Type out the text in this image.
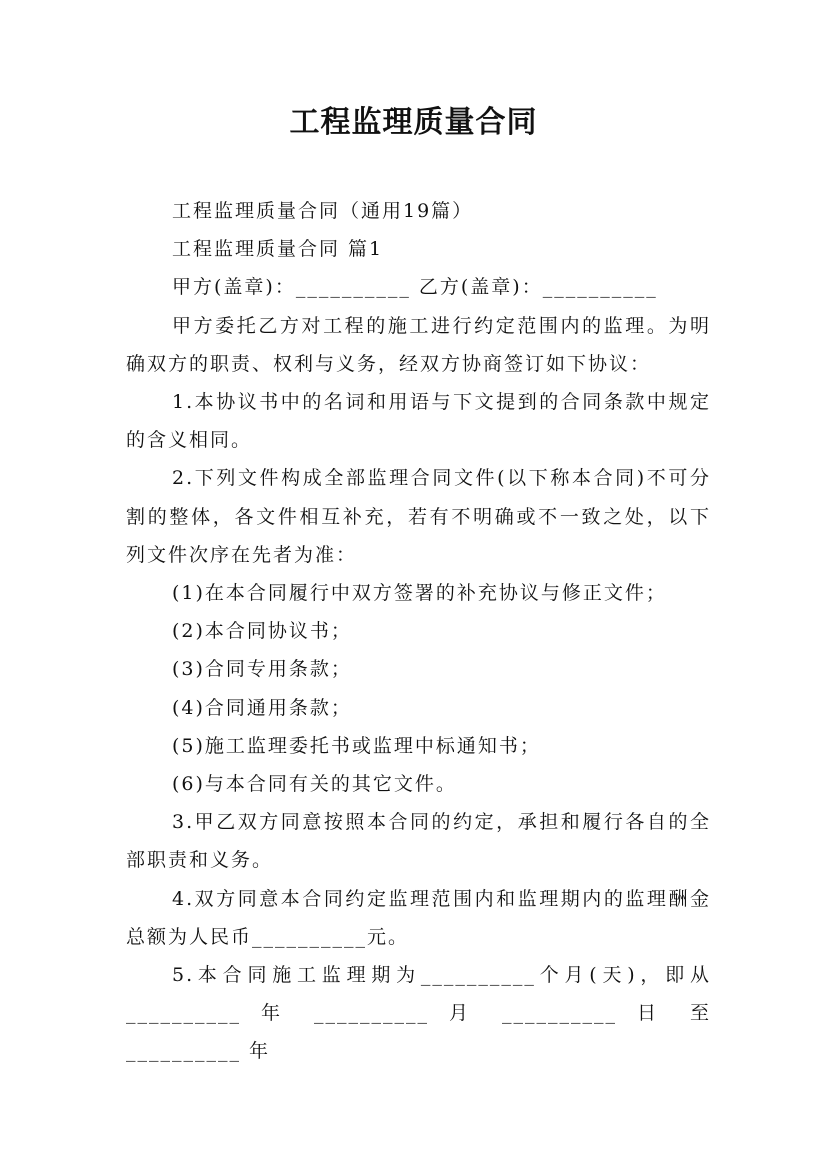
工程监理质量合同

工程监理质量合同（通用19篇）

工程监理质量合同 篇1

甲方(盖章)：__________ 乙方(盖章)：__________

甲方委托乙方对工程的施工进行约定范围内的监理。为明确双方的职责、权利与义务，经双方协商签订如下协议：

1.本协议书中的名词和用语与下文提到的合同条款中规定的含义相同。

2.下列文件构成全部监理合同文件(以下称本合同)不可分割的整体，各文件相互补充，若有不明确或不一致之处，以下列文件次序在先者为准：

(1)在本合同履行中双方签署的补充协议与修正文件；

(2)本合同协议书；

(3)合同专用条款；

(4)合同通用条款；

(5)施工监理委托书或监理中标通知书；

(6)与本合同有关的其它文件。

3.甲乙双方同意按照本合同的约定，承担和履行各自的全部职责和义务。

4.双方同意本合同约定监理范围内和监理期内的监理酬金总额为人民币__________元。

5.本合同施工监理期为__________个月(天)，即从__________ 年 __________ 月 __________ 日 至 __________ 年
